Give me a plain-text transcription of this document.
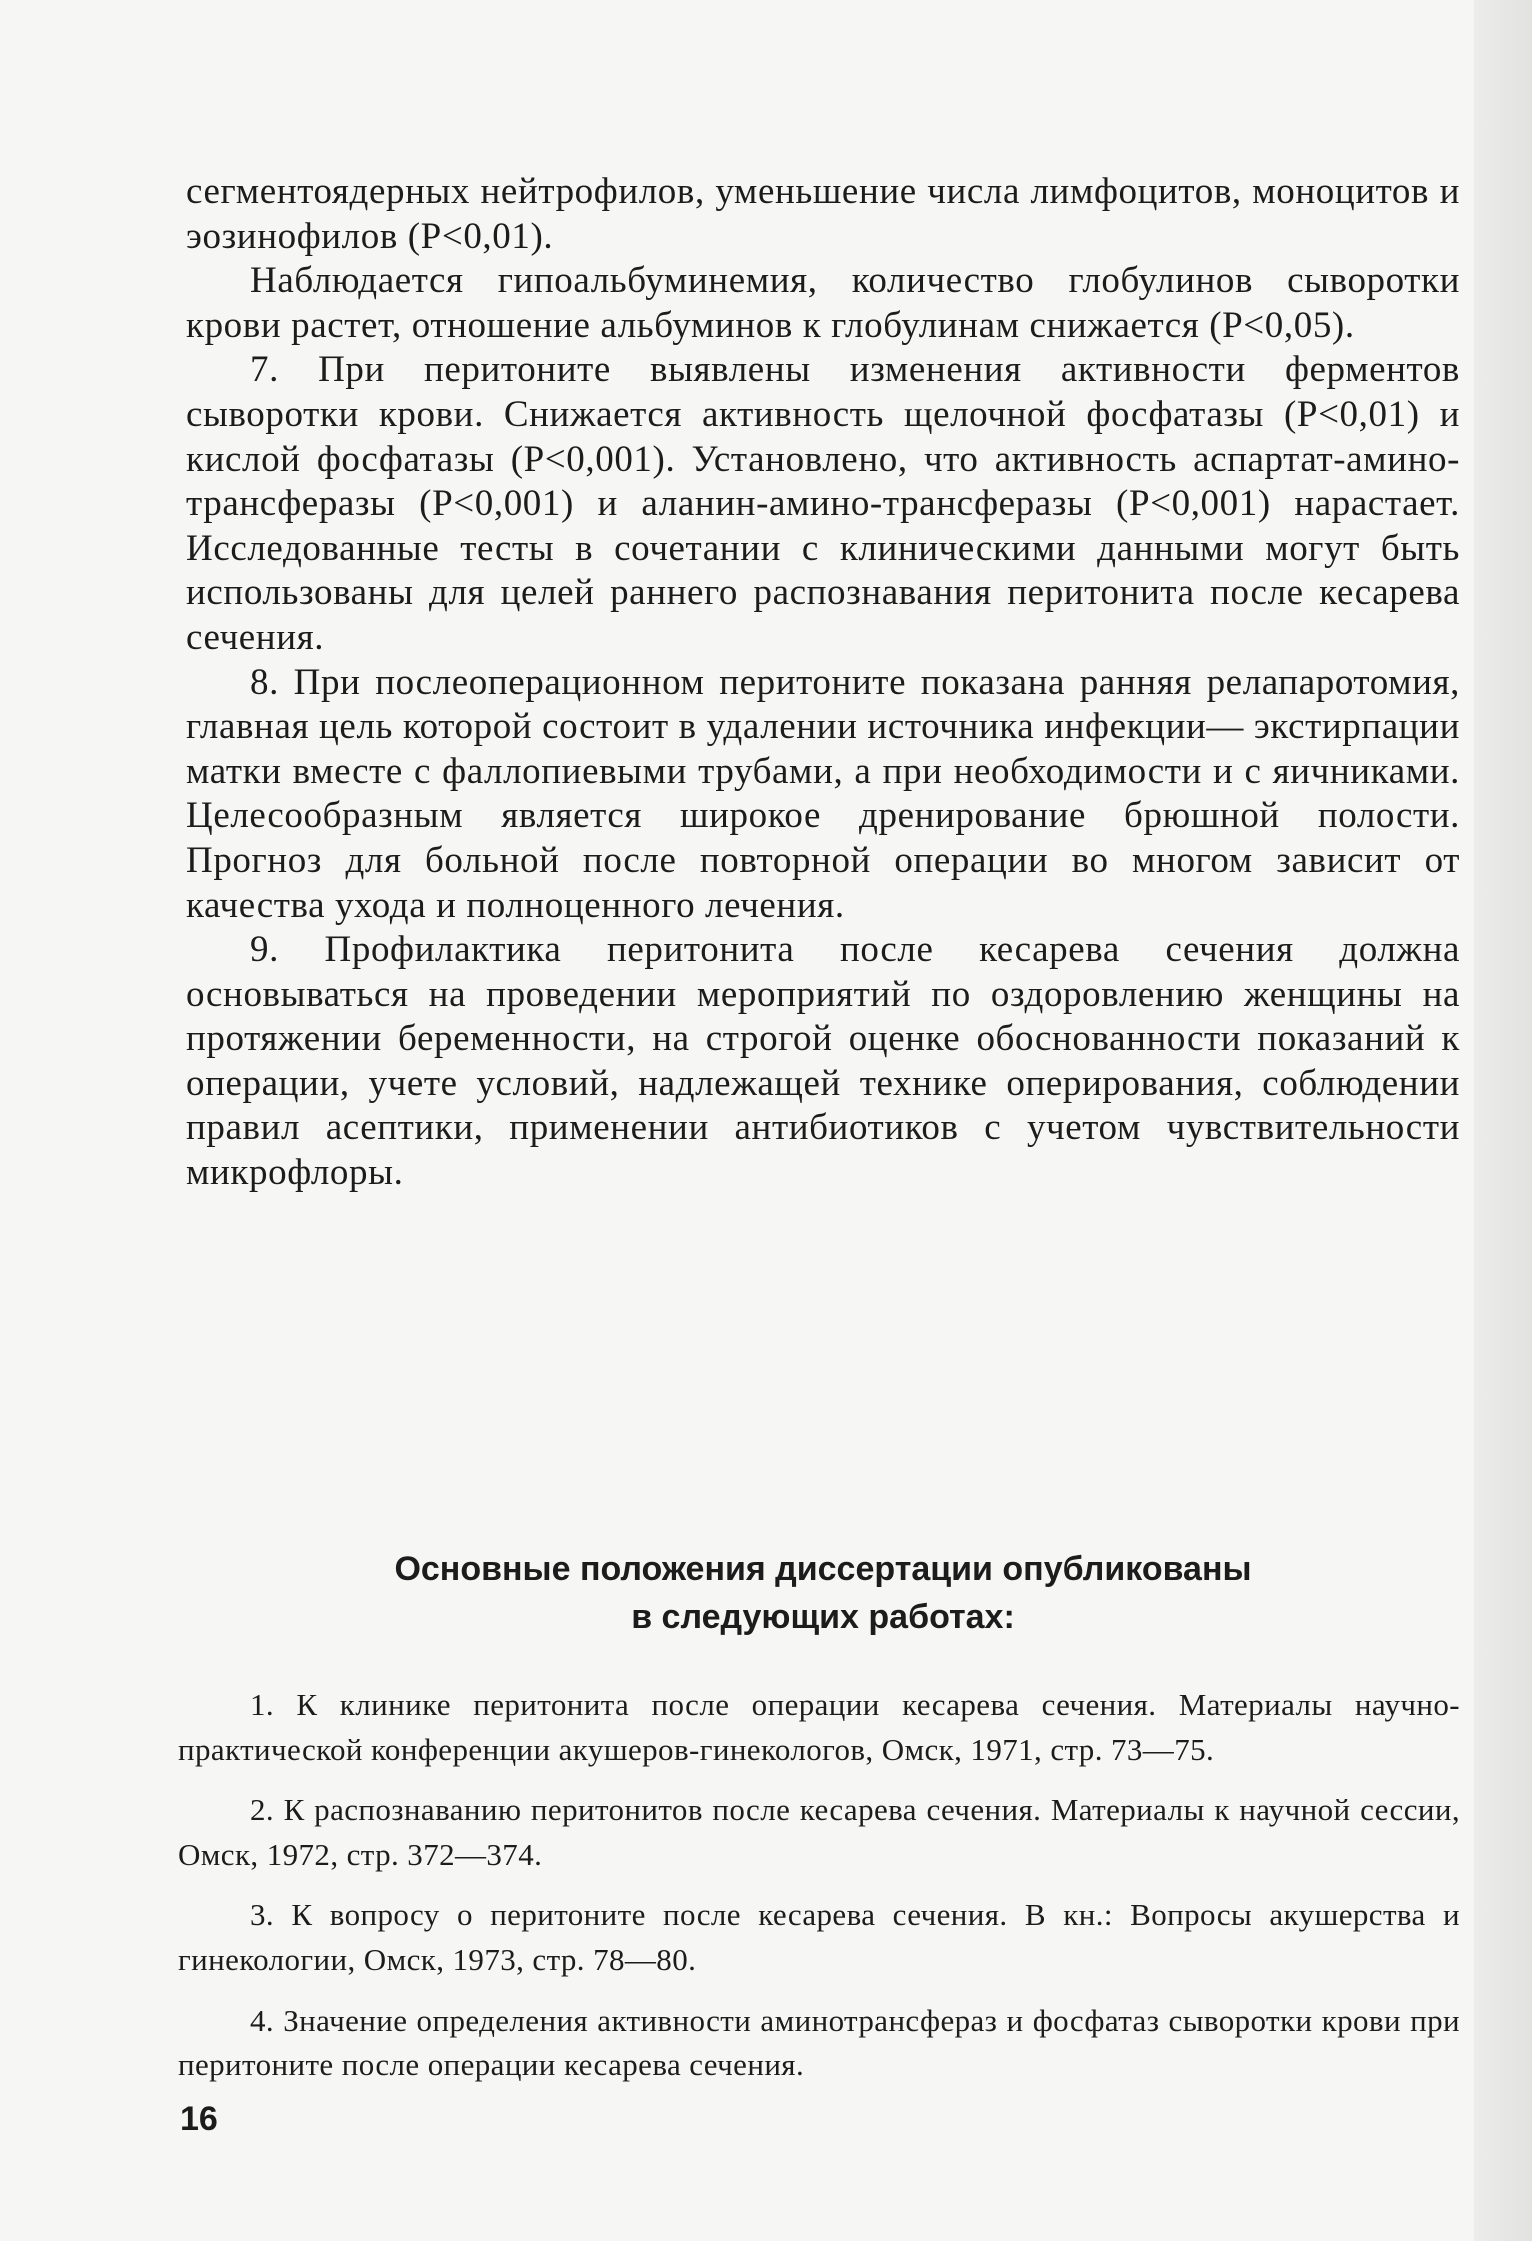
сегментоядерных нейтрофилов, уменьшение числа лимфоцитов, моноцитов и эозинофилов (P<0,01).

Наблюдается гипоальбуминемия, количество глобулинов сыворотки крови растет, отношение альбуминов к глобулинам снижается (P<0,05).

7. При перитоните выявлены изменения активности ферментов сыворотки крови. Снижается активность щелочной фосфатазы (P<0,01) и кислой фосфатазы (P<0,001). Установлено, что активность аспартат-амино-трансферазы (P<0,001) и аланин-амино-трансферазы (P<0,001) нарастает. Исследованные тесты в сочетании с клиническими данными могут быть использованы для целей раннего распознавания перитонита после кесарева сечения.

8. При послеоперационном перитоните показана ранняя релапаротомия, главная цель которой состоит в удалении источника инфекции— экстирпации матки вместе с фаллопиевыми трубами, а при необходимости и с яичниками. Целесообразным является широкое дренирование брюшной полости. Прогноз для больной после повторной операции во многом зависит от качества ухода и полноценного лечения.

9. Профилактика перитонита после кесарева сечения должна основываться на проведении мероприятий по оздоровлению женщины на протяжении беременности, на строгой оценке обоснованности показаний к операции, учете условий, надлежащей технике оперирования, соблюдении правил асептики, применении антибиотиков с учетом чувствительности микрофлоры.

Основные положения диссертации опубликованы
в следующих работах:

1. К клинике перитонита после операции кесарева сечения. Материалы научно-практической конференции акушеров-гинекологов, Омск, 1971, стр. 73—75.

2. К распознаванию перитонитов после кесарева сечения. Материалы к научной сессии, Омск, 1972, стр. 372—374.

3. К вопросу о перитоните после кесарева сечения. В кн.: Вопросы акушерства и гинекологии, Омск, 1973, стр. 78—80.

4. Значение определения активности аминотрансфераз и фосфатаз сыворотки крови при перитоните после операции кесарева сечения.

16
